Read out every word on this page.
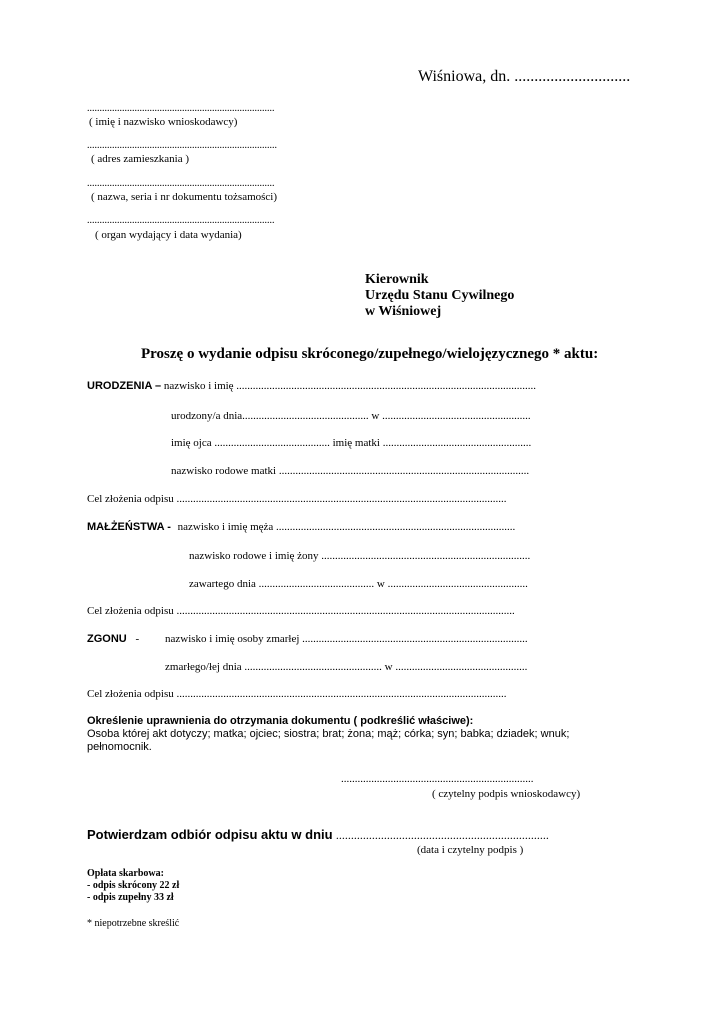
Wiśniowa, dn. .............................
...........................................................................
( imię i nazwisko wnioskodawcy)
............................................................................
( adres zamieszkania )
...........................................................................
( nazwa, seria i nr dokumentu tożsamości)
...........................................................................
( organ wydający i data wydania)
Kierownik
Urzędu Stanu Cywilnego
w Wiśniowej
Proszę o wydanie odpisu skróconego/zupełnego/wielojęzycznego * aktu:
URODZENIA – nazwisko i imię .............................................................................................................
urodzony/a dnia.............................................. w ......................................................
imię ojca .......................................... imię matki ......................................................
nazwisko rodowe matki ...........................................................................................
Cel złożenia odpisu ........................................................................................................................
MAŁŻEŃSTWA - nazwisko i imię męża .......................................................................................
nazwisko rodowe i imię żony ............................................................................
zawartego dnia .......................................... w ...................................................
Cel złożenia odpisu ...........................................................................................................................
ZGONU - nazwisko i imię osoby zmarłej ..................................................................................
zmarłego/łej dnia .................................................. w ................................................
Cel złożenia odpisu ........................................................................................................................
Określenie uprawnienia do otrzymania dokumentu ( podkreślić właściwe):
Osoba której akt dotyczy; matka; ojciec; siostra; brat; żona; mąż; córka; syn; babka; dziadek; wnuk; pełnomocnik.
......................................................................
( czytelny podpis wnioskodawcy)
Potwierdzam odbiór odpisu aktu w dniu .......................................................................
(data i czytelny podpis )
Opłata skarbowa:
- odpis skrócony 22 zł
- odpis zupełny 33 zł
* niepotrzebne skreślić
